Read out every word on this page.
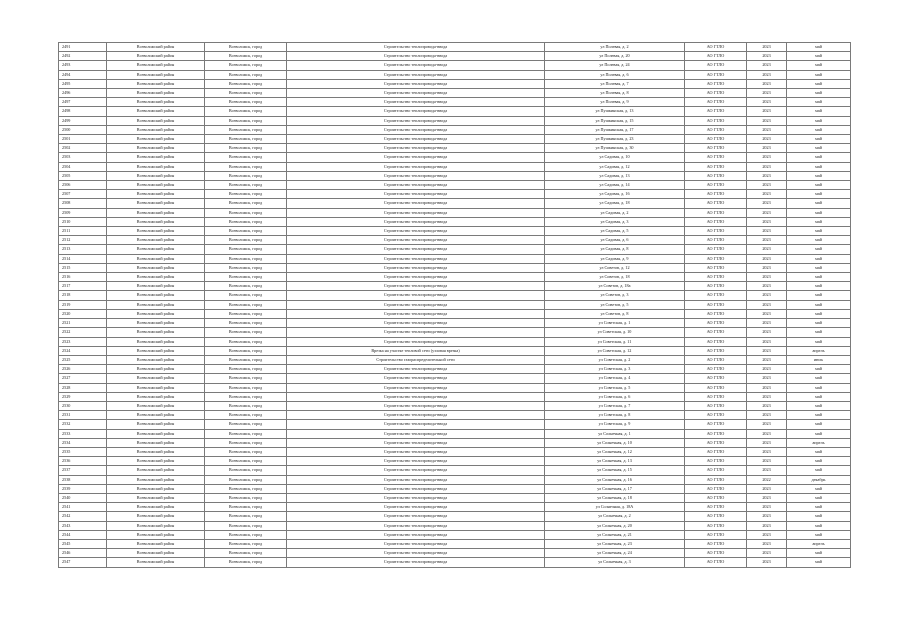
2491	Всеволожский район	Всеволожск, город	Строительство теплопровода-ввода	ул Полевая, д. 2	АО ГТЛО	2023	май
2492	Всеволожский район	Всеволожск, город	Строительство теплопровода-ввода	ул Полевая, д. 20	АО ГТЛО	2023	май
2493	Всеволожский район	Всеволожск, город	Строительство теплопровода-ввода	ул Полевая, д. 24	АО ГТЛО	2023	май
2494	Всеволожский район	Всеволожск, город	Строительство теплопровода-ввода	ул Полевая, д. 6	АО ГТЛО	2023	май
2495	Всеволожский район	Всеволожск, город	Строительство теплопровода-ввода	ул Полевая, д. 7	АО ГТЛО	2023	май
2496	Всеволожский район	Всеволожск, город	Строительство теплопровода-ввода	ул Полевая, д. 8	АО ГТЛО	2023	май
2497	Всеволожский район	Всеволожск, город	Строительство теплопровода-ввода	ул Полевая, д. 9	АО ГТЛО	2023	май
2498	Всеволожский район	Всеволожск, город	Строительство теплопровода-ввода	ул Пушкинская, д. 13	АО ГТЛО	2023	май
2499	Всеволожский район	Всеволожск, город	Строительство теплопровода-ввода	ул Пушкинская, д. 15	АО ГТЛО	2023	май
2500	Всеволожский район	Всеволожск, город	Строительство теплопровода-ввода	ул Пушкинская, д. 17	АО ГТЛО	2023	май
2501	Всеволожский район	Всеволожск, город	Строительство теплопровода-ввода	ул Пушкинская, д. 23	АО ГТЛО	2023	май
2502	Всеволожский район	Всеволожск, город	Строительство теплопровода-ввода	ул Пушкинская, д. 30	АО ГТЛО	2023	май
2503	Всеволожский район	Всеволожск, город	Строительство теплопровода-ввода	ул Садовая, д. 10	АО ГТЛО	2023	май
2504	Всеволожский район	Всеволожск, город	Строительство теплопровода-ввода	ул Садовая, д. 12	АО ГТЛО	2023	май
2505	Всеволожский район	Всеволожск, город	Строительство теплопровода-ввода	ул Садовая, д. 13	АО ГТЛО	2023	май
2506	Всеволожский район	Всеволожск, город	Строительство теплопровода-ввода	ул Садовая, д. 14	АО ГТЛО	2023	май
2507	Всеволожский район	Всеволожск, город	Строительство теплопровода-ввода	ул Садовая, д. 16	АО ГТЛО	2023	май
2508	Всеволожский район	Всеволожск, город	Строительство теплопровода-ввода	ул Садовая, д. 18	АО ГТЛО	2023	май
2509	Всеволожский район	Всеволожск, город	Строительство теплопровода-ввода	ул Садовая, д. 2	АО ГТЛО	2023	май
2510	Всеволожский район	Всеволожск, город	Строительство теплопровода-ввода	ул Садовая, д. 3	АО ГТЛО	2023	май
2511	Всеволожский район	Всеволожск, город	Строительство теплопровода-ввода	ул Садовая, д. 5	АО ГТЛО	2023	май
2512	Всеволожский район	Всеволожск, город	Строительство теплопровода-ввода	ул Садовая, д. 6	АО ГТЛО	2023	май
2513	Всеволожский район	Всеволожск, город	Строительство теплопровода-ввода	ул Садовая, д. 8	АО ГТЛО	2023	май
2514	Всеволожский район	Всеволожск, город	Строительство теплопровода-ввода	ул Садовая, д. 9	АО ГТЛО	2023	май
2515	Всеволожский район	Всеволожск, город	Строительство теплопровода-ввода	ул Советов, д. 12	АО ГТЛО	2023	май
2516	Всеволожский район	Всеволожск, город	Строительство теплопровода-ввода	ул Советов, д. 18	АО ГТЛО	2023	май
2517	Всеволожский район	Всеволожск, город	Строительство теплопровода-ввода	ул Советов, д. 18а	АО ГТЛО	2023	май
2518	Всеволожский район	Всеволожск, город	Строительство теплопровода-ввода	ул Советов, д. 3	АО ГТЛО	2023	май
2519	Всеволожский район	Всеволожск, город	Строительство теплопровода-ввода	ул Советов, д. 5	АО ГТЛО	2023	май
2520	Всеволожский район	Всеволожск, город	Строительство теплопровода-ввода	ул Советов, д. 8	АО ГТЛО	2023	май
2521	Всеволожский район	Всеволожск, город	Строительство теплопровода-ввода	ул Советская, д. 1	АО ГТЛО	2023	май
2522	Всеволожский район	Всеволожск, город	Строительство теплопровода-ввода	ул Советская, д. 10	АО ГТЛО	2023	май
2523	Всеволожский район	Всеволожск, город	Строительство теплопровода-ввода	ул Советская, д. 11	АО ГТЛО	2023	май
2524	Всеволожский район	Всеволожск, город	Врезка на участке тепловой сети (узловая врезка)	ул Советская, д. 12	АО ГТЛО	2023	апрель
2525	Всеволожский район	Всеволожск, город	Строительство газораспределительной сети	ул Советская, д. 2	АО ГТЛО	2023	июль
2526	Всеволожский район	Всеволожск, город	Строительство теплопровода-ввода	ул Советская, д. 3	АО ГТЛО	2023	май
2527	Всеволожский район	Всеволожск, город	Строительство теплопровода-ввода	ул Советская, д. 4	АО ГТЛО	2023	май
2528	Всеволожский район	Всеволожск, город	Строительство теплопровода-ввода	ул Советская, д. 5	АО ГТЛО	2023	май
2529	Всеволожский район	Всеволожск, город	Строительство теплопровода-ввода	ул Советская, д. 6	АО ГТЛО	2023	май
2530	Всеволожский район	Всеволожск, город	Строительство теплопровода-ввода	ул Советская, д. 7	АО ГТЛО	2023	май
2531	Всеволожский район	Всеволожск, город	Строительство теплопровода-ввода	ул Советская, д. 8	АО ГТЛО	2023	май
2532	Всеволожский район	Всеволожск, город	Строительство теплопровода-ввода	ул Советская, д. 9	АО ГТЛО	2023	май
2533	Всеволожский район	Всеволожск, город	Строительство теплопровода-ввода	ул Солнечная, д. 1	АО ГТЛО	2023	май
2534	Всеволожский район	Всеволожск, город	Строительство теплопровода-ввода	ул Солнечная, д. 10	АО ГТЛО	2023	апрель
2535	Всеволожский район	Всеволожск, город	Строительство теплопровода-ввода	ул Солнечная, д. 12	АО ГТЛО	2023	май
2536	Всеволожский район	Всеволожск, город	Строительство теплопровода-ввода	ул Солнечная, д. 13	АО ГТЛО	2023	май
2537	Всеволожский район	Всеволожск, город	Строительство теплопровода-ввода	ул Солнечная, д. 15	АО ГТЛО	2023	май
2538	Всеволожский район	Всеволожск, город	Строительство теплопровода-ввода	ул Солнечная, д. 16	АО ГТЛО	2022	декабрь
2539	Всеволожский район	Всеволожск, город	Строительство теплопровода-ввода	ул Солнечная, д. 17	АО ГТЛО	2023	май
2540	Всеволожский район	Всеволожск, город	Строительство теплопровода-ввода	ул Солнечная, д. 18	АО ГТЛО	2023	май
2541	Всеволожский район	Всеволожск, город	Строительство теплопровода-ввода	ул Солнечная, д. 18А	АО ГТЛО	2023	май
2542	Всеволожский район	Всеволожск, город	Строительство теплопровода-ввода	ул Солнечная, д. 2	АО ГТЛО	2023	май
2543	Всеволожский район	Всеволожск, город	Строительство теплопровода-ввода	ул Солнечная, д. 20	АО ГТЛО	2023	май
2544	Всеволожский район	Всеволожск, город	Строительство теплопровода-ввода	ул Солнечная, д. 21	АО ГТЛО	2023	май
2545	Всеволожский район	Всеволожск, город	Строительство теплопровода-ввода	ул Солнечная, д. 23	АО ГТЛО	2023	апрель
2546	Всеволожский район	Всеволожск, город	Строительство теплопровода-ввода	ул Солнечная, д. 24	АО ГТЛО	2023	май
2547	Всеволожский район	Всеволожск, город	Строительство теплопровода-ввода	ул Солнечная, д. 3	АО ГТЛО	2023	май
